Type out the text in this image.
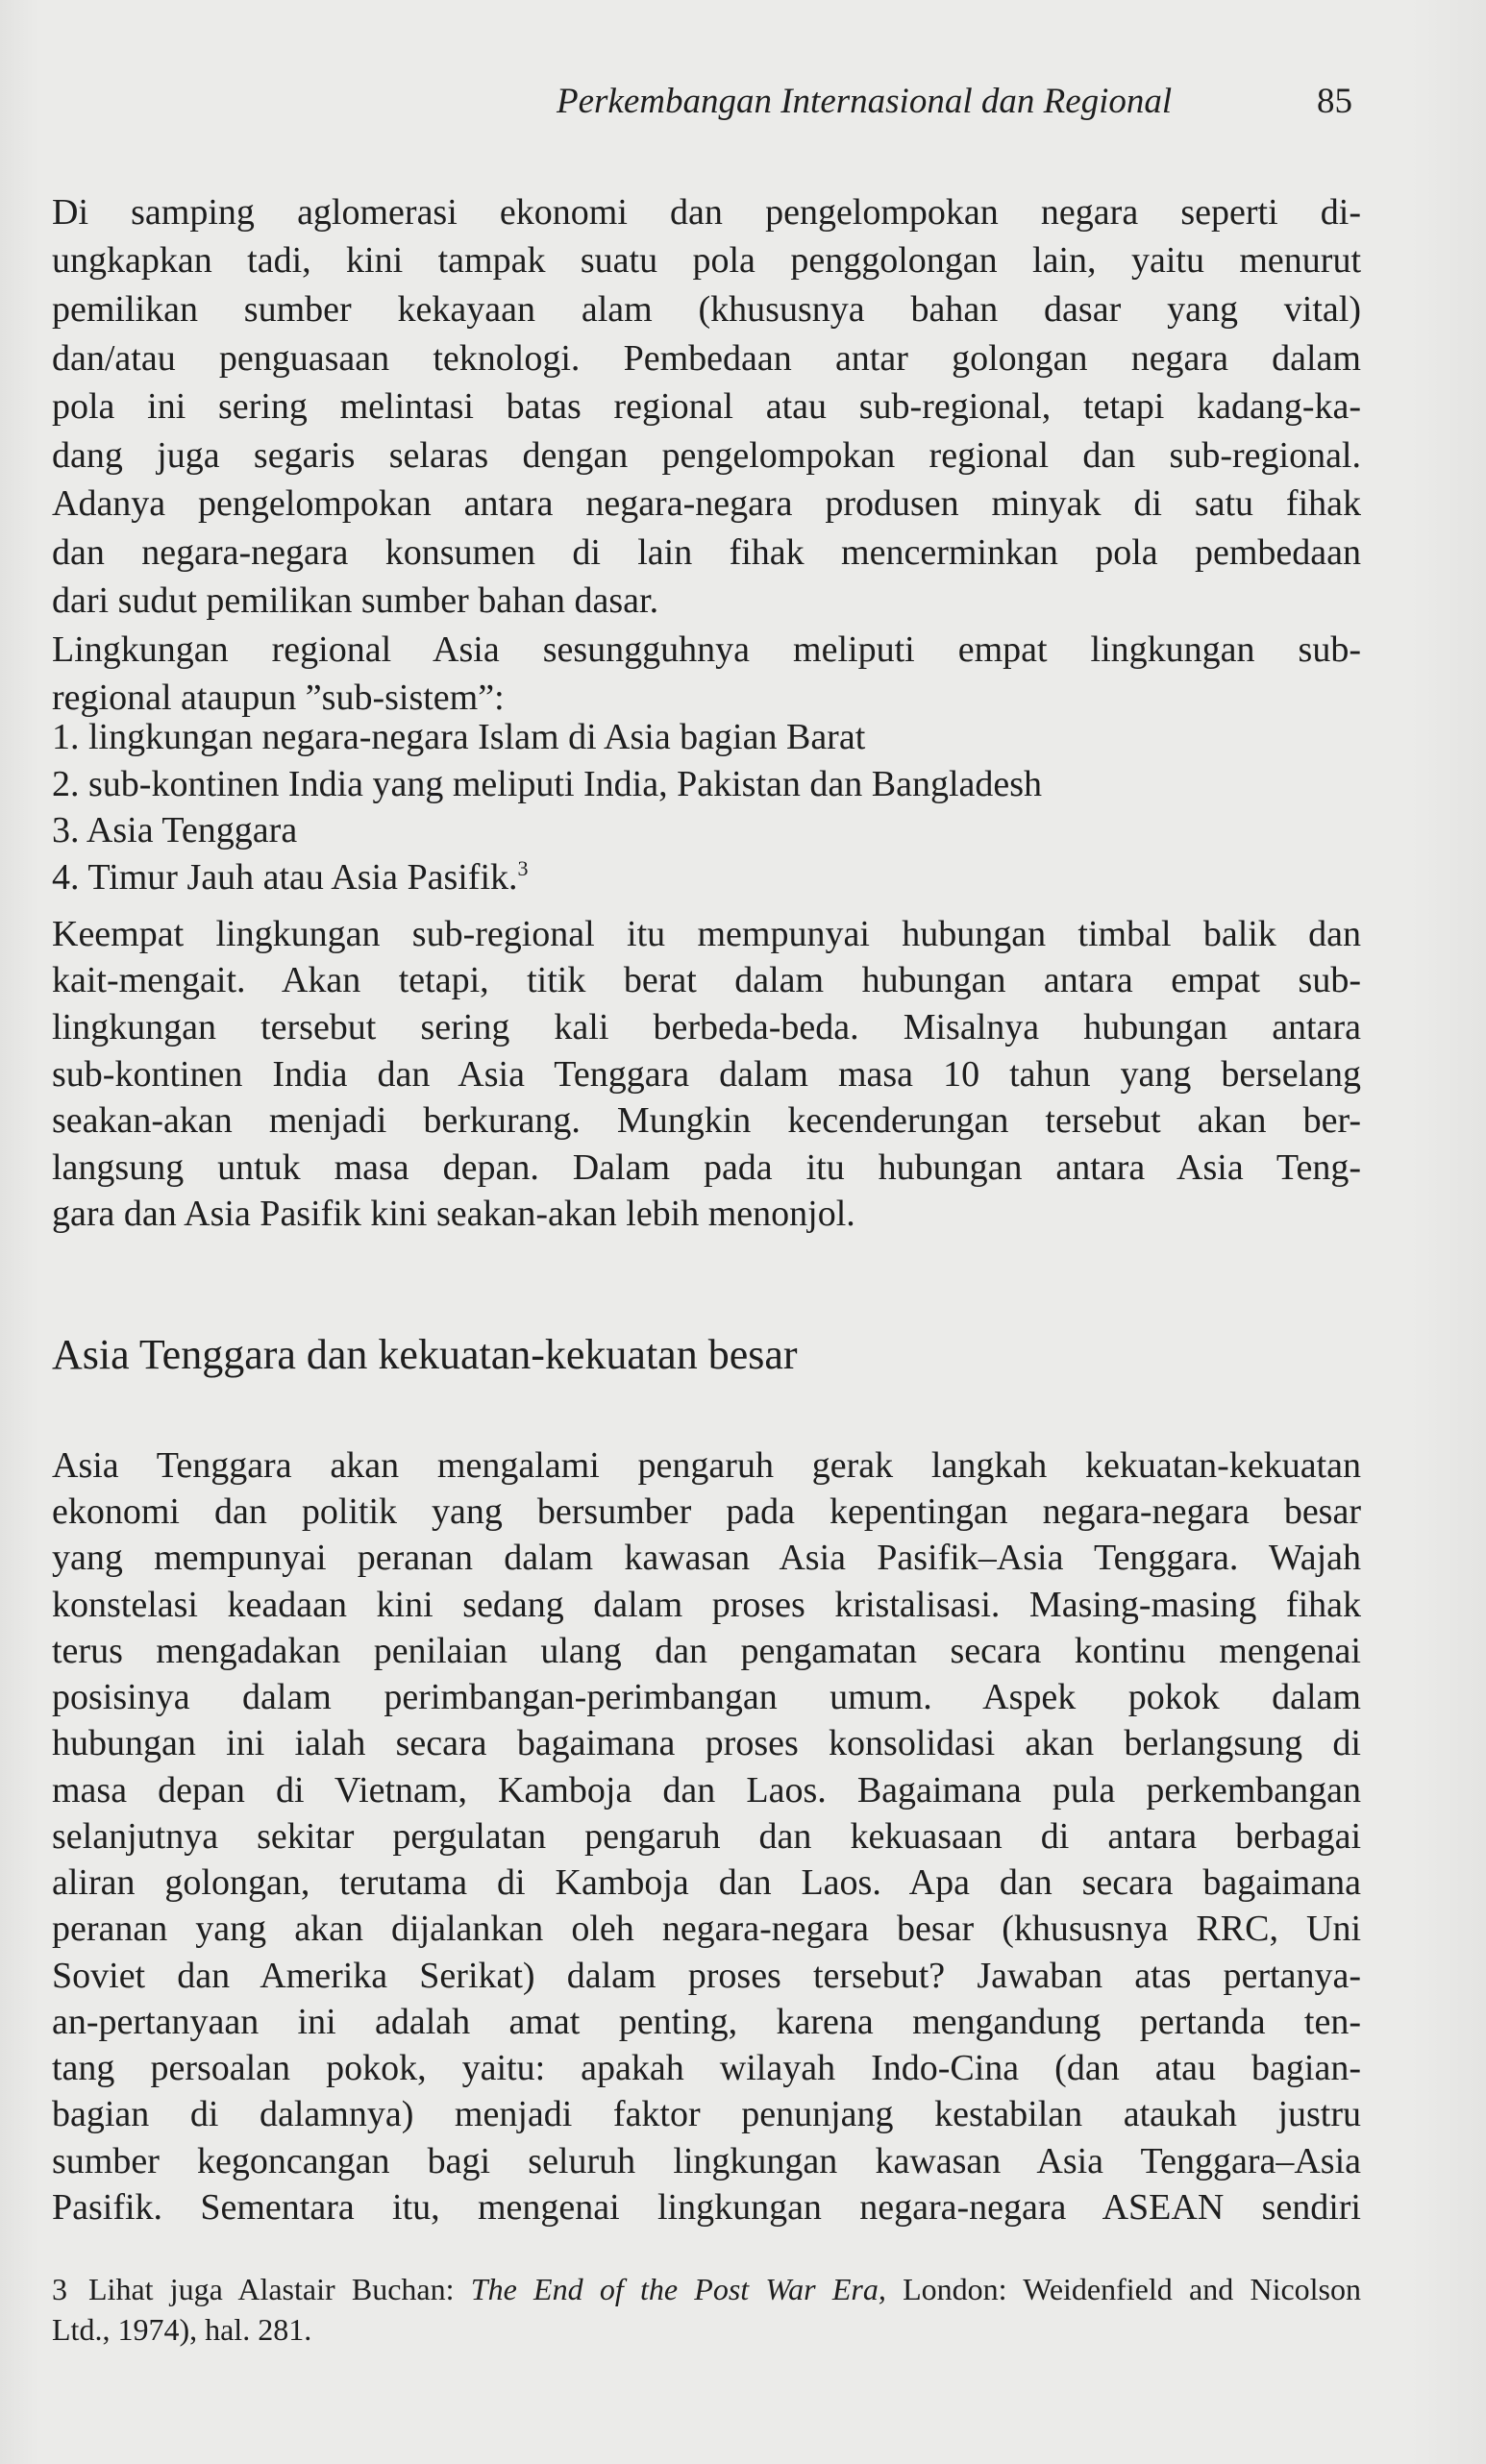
Perkembangan Internasional dan Regional	85
Di samping aglomerasi ekonomi dan pengelompokan negara seperti di-
ungkapkan tadi, kini tampak suatu pola penggolongan lain, yaitu menurut
pemilikan sumber kekayaan alam (khususnya bahan dasar yang vital)
dan/atau penguasaan teknologi. Pembedaan antar golongan negara dalam
pola ini sering melintasi batas regional atau sub-regional, tetapi kadang-ka-
dang juga segaris selaras dengan pengelompokan regional dan sub-regional.
Adanya pengelompokan antara negara-negara produsen minyak di satu fihak
dan negara-negara konsumen di lain fihak mencerminkan pola pembedaan
dari sudut pemilikan sumber bahan dasar.
Lingkungan regional Asia sesungguhnya meliputi empat lingkungan sub-
regional ataupun ”sub-sistem”:
1. lingkungan negara-negara Islam di Asia bagian Barat
2. sub-kontinen India yang meliputi India, Pakistan dan Bangladesh
3. Asia Tenggara
4. Timur Jauh atau Asia Pasifik.$^3$
Keempat lingkungan sub-regional itu mempunyai hubungan timbal balik dan
kait-mengait. Akan tetapi, titik berat dalam hubungan antara empat sub-
lingkungan tersebut sering kali berbeda-beda. Misalnya hubungan antara
sub-kontinen India dan Asia Tenggara dalam masa 10 tahun yang berselang
seakan-akan menjadi berkurang. Mungkin kecenderungan tersebut akan ber-
langsung untuk masa depan. Dalam pada itu hubungan antara Asia Teng-
gara dan Asia Pasifik kini seakan-akan lebih menonjol.
Asia Tenggara akan mengalami pengaruh gerak langkah kekuatan-kekuatan
ekonomi dan politik yang bersumber pada kepentingan negara-negara besar
yang mempunyai peranan dalam kawasan Asia Pasifik–Asia Tenggara. Wajah
konstelasi keadaan kini sedang dalam proses kristalisasi. Masing-masing fihak
terus mengadakan penilaian ulang dan pengamatan secara kontinu mengenai
posisinya dalam perimbangan-perimbangan umum. Aspek pokok dalam
hubungan ini ialah secara bagaimana proses konsolidasi akan berlangsung di
masa depan di Vietnam, Kamboja dan Laos. Bagaimana pula perkembangan
selanjutnya sekitar pergulatan pengaruh dan kekuasaan di antara berbagai
aliran golongan, terutama di Kamboja dan Laos. Apa dan secara bagaimana
peranan yang akan dijalankan oleh negara-negara besar (khususnya RRC, Uni
Soviet dan Amerika Serikat) dalam proses tersebut? Jawaban atas pertanya-
an-pertanyaan ini adalah amat penting, karena mengandung pertanda ten-
tang persoalan pokok, yaitu: apakah wilayah Indo-Cina (dan atau bagian-
bagian di dalamnya) menjadi faktor penunjang kestabilan ataukah justru
sumber kegoncangan bagi seluruh lingkungan kawasan Asia Tenggara–Asia
Pasifik. Sementara itu, mengenai lingkungan negara-negara ASEAN sendiri
Asia Tenggara dan kekuatan-kekuatan besar
3 Lihat juga Alastair Buchan: The End of the Post War Era, London: Weidenfield and Nicolson
Ltd., 1974), hal. 281.
